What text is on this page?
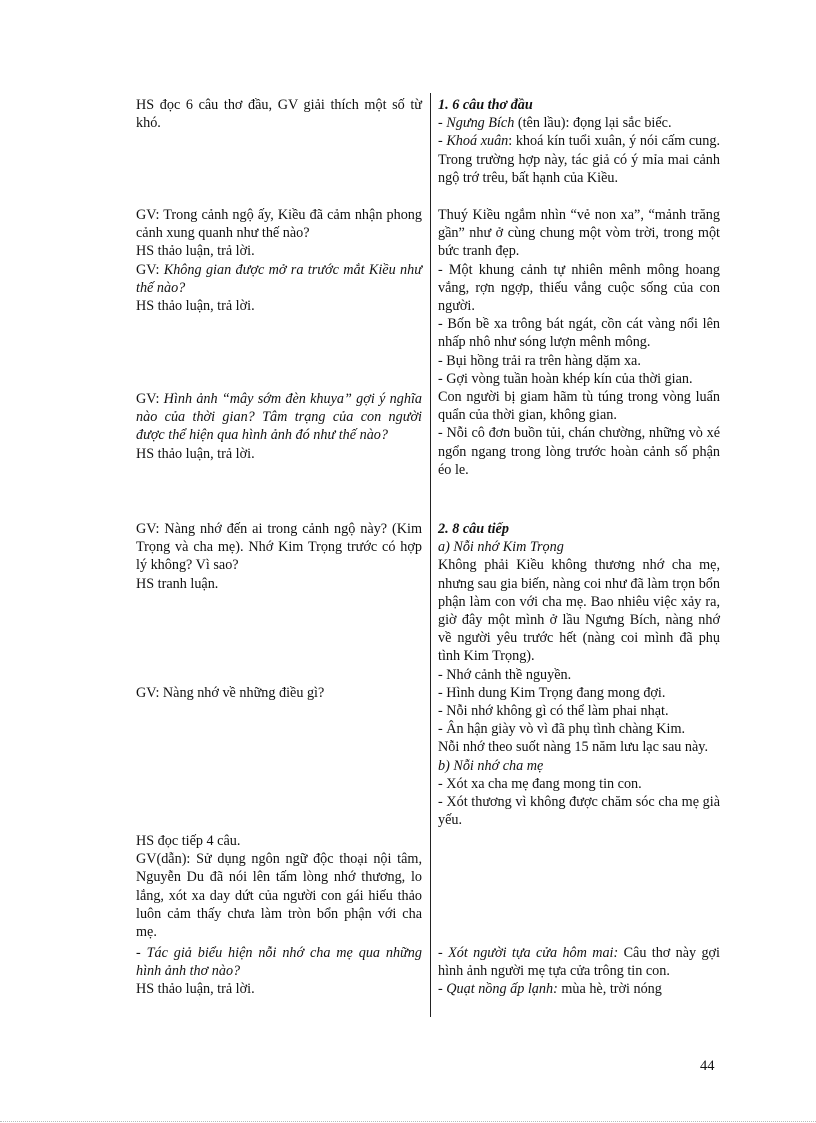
HS đọc 6 câu thơ đầu, GV giải thích một số từ khó.

GV: Trong cảnh ngộ ấy, Kiều đã cảm nhận phong cảnh xung quanh như thế nào?

HS thảo luận, trả lời.

GV: Không gian được mở ra trước mắt Kiều như thế nào?

HS thảo luận, trả lời.

GV: Hình ảnh “mây sớm đèn khuya” gợi ý nghĩa nào của thời gian? Tâm trạng của con người được thể hiện qua hình ảnh đó như thế nào?

HS thảo luận, trả lời.

GV: Nàng nhớ đến ai trong cảnh ngộ này? (Kim Trọng và cha mẹ). Nhớ Kim Trọng trước có hợp lý không? Vì sao?

HS tranh luận.

GV: Nàng nhớ về những điều gì?

HS đọc tiếp 4 câu.

GV(dẫn): Sử dụng ngôn ngữ độc thoại nội tâm, Nguyễn Du đã nói lên tấm lòng nhớ thương, lo lắng, xót xa day dứt của người con gái hiếu thảo luôn cảm thấy chưa làm tròn bổn phận với cha mẹ.

- Tác giả biểu hiện nỗi nhớ cha mẹ qua những hình ảnh thơ nào?

HS thảo luận, trả lời.

1. 6 câu thơ đầu

- Ngưng Bích (tên lầu): đọng lại sắc biếc.

- Khoá xuân: khoá kín tuổi xuân, ý nói cấm cung. Trong trường hợp này, tác giả có ý mỉa mai cảnh ngộ trớ trêu, bất hạnh của Kiều.

Thuý Kiều ngắm nhìn “vẻ non xa”, “mảnh trăng gần” như ở cùng chung một vòm trời, trong một bức tranh đẹp.

- Một khung cảnh tự nhiên mênh mông hoang vắng, rợn ngợp, thiếu vắng cuộc sống của con người.

- Bốn bề xa trông bát ngát, cồn cát vàng nổi lên nhấp nhô như sóng lượn mênh mông.

- Bụi hồng trải ra trên hàng dặm xa.

- Gợi vòng tuần hoàn khép kín của thời gian.

Con người bị giam hãm tù túng trong vòng luẩn quẩn của thời gian, không gian.

- Nỗi cô đơn buồn tủi, chán chường, những vò xé ngổn ngang trong lòng trước hoàn cảnh số phận éo le.

2. 8 câu tiếp

a) Nỗi nhớ Kim Trọng

Không phải Kiều không thương nhớ cha mẹ, nhưng sau gia biến, nàng coi như đã làm trọn bổn phận làm con với cha mẹ. Bao nhiêu việc xảy ra, giờ đây một mình ở lầu Ngưng Bích, nàng nhớ về người yêu trước hết (nàng coi mình đã phụ tình Kim Trọng).

- Nhớ cảnh thề nguyền.

- Hình dung Kim Trọng đang mong đợi.

- Nỗi nhớ không gì có thể làm phai nhạt.

- Ân hận giày vò vì đã phụ tình chàng Kim.

Nỗi nhớ theo suốt nàng 15 năm lưu lạc sau này.

b) Nỗi nhớ cha mẹ

- Xót xa cha mẹ đang mong tin con.

- Xót thương vì không được chăm sóc cha mẹ già yếu.

- Xót người tựa cửa hôm mai: Câu thơ này gợi hình ảnh người mẹ tựa cửa trông tin con.

- Quạt nồng ấp lạnh: mùa hè, trời nóng

44
